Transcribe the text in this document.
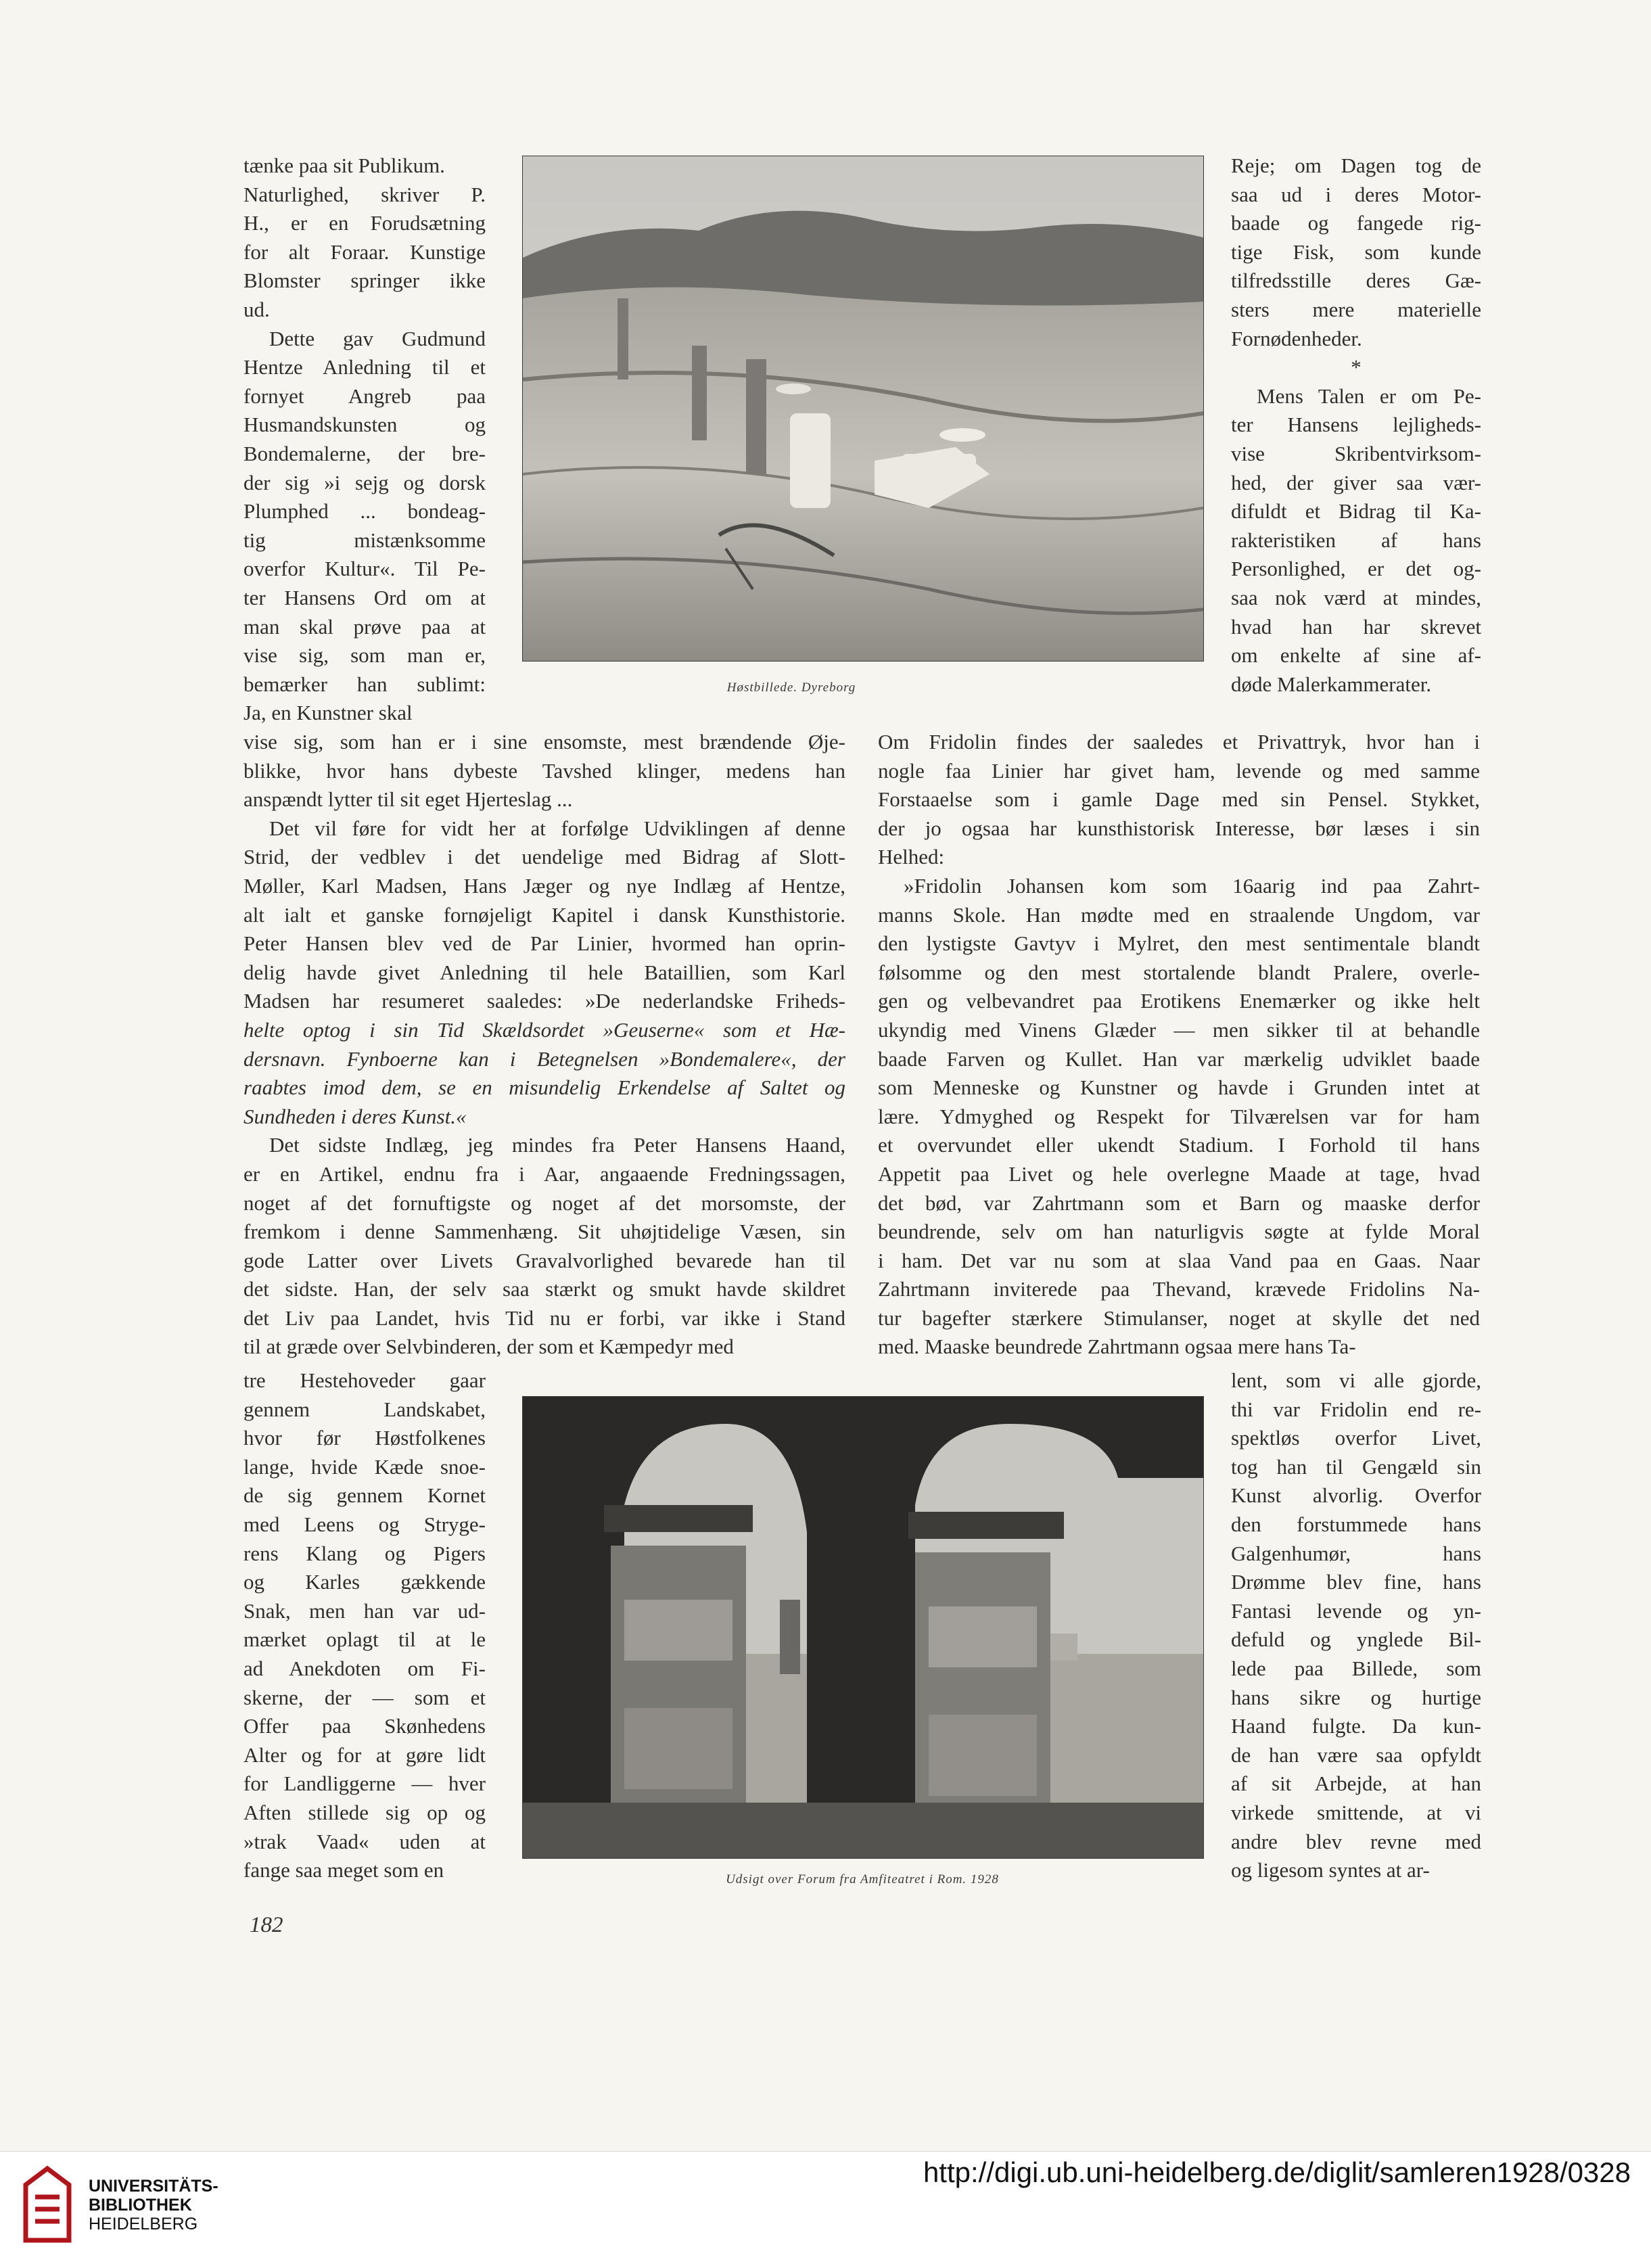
tænke paa sit Publikum.
Naturlighed, skriver P.
H., er en Forudsætning
for alt Foraar. Kunstige
Blomster springer ikke
ud.
Dette gav Gudmund
Hentze Anledning til et
fornyet Angreb paa
Husmandskunsten og
Bondemalerne, der bre-
der sig »i sejg og dorsk
Plumphed ... bondeag-
tig mistænksomme
overfor Kultur«. Til Pe-
ter Hansens Ord om at
man skal prøve paa at
vise sig, som man er,
bemærker han sublimt:
Ja, en Kunstner skal
Høstbillede. Dyreborg
Reje; om Dagen tog de
saa ud i deres Motor-
baade og fangede rig-
tige Fisk, som kunde
tilfredsstille deres Gæ-
sters mere materielle
Fornødenheder.
*
Mens Talen er om Pe-
ter Hansens lejligheds-
vise Skribentvirksom-
hed, der giver saa vær-
difuldt et Bidrag til Ka-
rakteristiken af hans
Personlighed, er det og-
saa nok værd at mindes,
hvad han har skrevet
om enkelte af sine af-
døde Malerkammerater.
vise sig, som han er i sine ensomste, mest brændende Øje-
blikke, hvor hans dybeste Tavshed klinger, medens han
anspændt lytter til sit eget Hjerteslag ...
Det vil føre for vidt her at forfølge Udviklingen af denne
Strid, der vedblev i det uendelige med Bidrag af Slott-
Møller, Karl Madsen, Hans Jæger og nye Indlæg af Hentze,
alt ialt et ganske fornøjeligt Kapitel i dansk Kunsthistorie.
Peter Hansen blev ved de Par Linier, hvormed han oprin-
delig havde givet Anledning til hele Bataillien, som Karl
Madsen har resumeret saaledes: »De nederlandske Friheds-
helte optog i sin Tid Skældsordet »Geuserne« som et Hæ-
dersnavn. Fynboerne kan i Betegnelsen »Bondemalere«, der
raabtes imod dem, se en misundelig Erkendelse af Saltet og
Sundheden i deres Kunst.«
Det sidste Indlæg, jeg mindes fra Peter Hansens Haand,
er en Artikel, endnu fra i Aar, angaaende Fredningssagen,
noget af det fornuftigste og noget af det morsomste, der
fremkom i denne Sammenhæng. Sit uhøjtidelige Væsen, sin
gode Latter over Livets Gravalvorlighed bevarede han til
det sidste. Han, der selv saa stærkt og smukt havde skildret
det Liv paa Landet, hvis Tid nu er forbi, var ikke i Stand
til at græde over Selvbinderen, der som et Kæmpedyr med
Om Fridolin findes der saaledes et Privattryk, hvor han i
nogle faa Linier har givet ham, levende og med samme
Forstaaelse som i gamle Dage med sin Pensel. Stykket,
der jo ogsaa har kunsthistorisk Interesse, bør læses i sin
Helhed:
»Fridolin Johansen kom som 16aarig ind paa Zahrt-
manns Skole. Han mødte med en straalende Ungdom, var
den lystigste Gavtyv i Mylret, den mest sentimentale blandt
følsomme og den mest stortalende blandt Pralere, overle-
gen og velbevandret paa Erotikens Enemærker og ikke helt
ukyndig med Vinens Glæder — men sikker til at behandle
baade Farven og Kullet. Han var mærkelig udviklet baade
som Menneske og Kunstner og havde i Grunden intet at
lære. Ydmyghed og Respekt for Tilværelsen var for ham
et overvundet eller ukendt Stadium. I Forhold til hans
Appetit paa Livet og hele overlegne Maade at tage, hvad
det bød, var Zahrtmann som et Barn og maaske derfor
beundrende, selv om han naturligvis søgte at fylde Moral
i ham. Det var nu som at slaa Vand paa en Gaas. Naar
Zahrtmann inviterede paa Thevand, krævede Fridolins Na-
tur bagefter stærkere Stimulanser, noget at skylle det ned
med. Maaske beundrede Zahrtmann ogsaa mere hans Ta-
tre Hestehoveder gaar
gennem Landskabet,
hvor før Høstfolkenes
lange, hvide Kæde snoe-
de sig gennem Kornet
med Leens og Stryge-
rens Klang og Pigers
og Karles gækkende
Snak, men han var ud-
mærket oplagt til at le
ad Anekdoten om Fi-
skerne, der — som et
Offer paa Skønhedens
Alter og for at gøre lidt
for Landliggerne — hver
Aften stillede sig op og
»trak Vaad« uden at
fange saa meget som en	Udsigt over Forum fra Amfiteatret i Rom. 1928
lent, som vi alle gjorde,
thi var Fridolin end re-
spektløs overfor Livet,
tog han til Gengæld sin
Kunst alvorlig. Overfor
den forstummede hans
Galgenhumør, hans
Drømme blev fine, hans
Fantasi levende og yn-
defuld og ynglede Bil-
lede paa Billede, som
hans sikre og hurtige
Haand fulgte. Da kun-
de han være saa opfyldt
af sit Arbejde, at han
virkede smittende, at vi
andre blev revne med
og ligesom syntes at ar-
182
UNIVERSITÄTS-
BIBLIOTHEK
HEIDELBERG
http://digi.ub.uni-heidelberg.de/diglit/samleren1928/0328
